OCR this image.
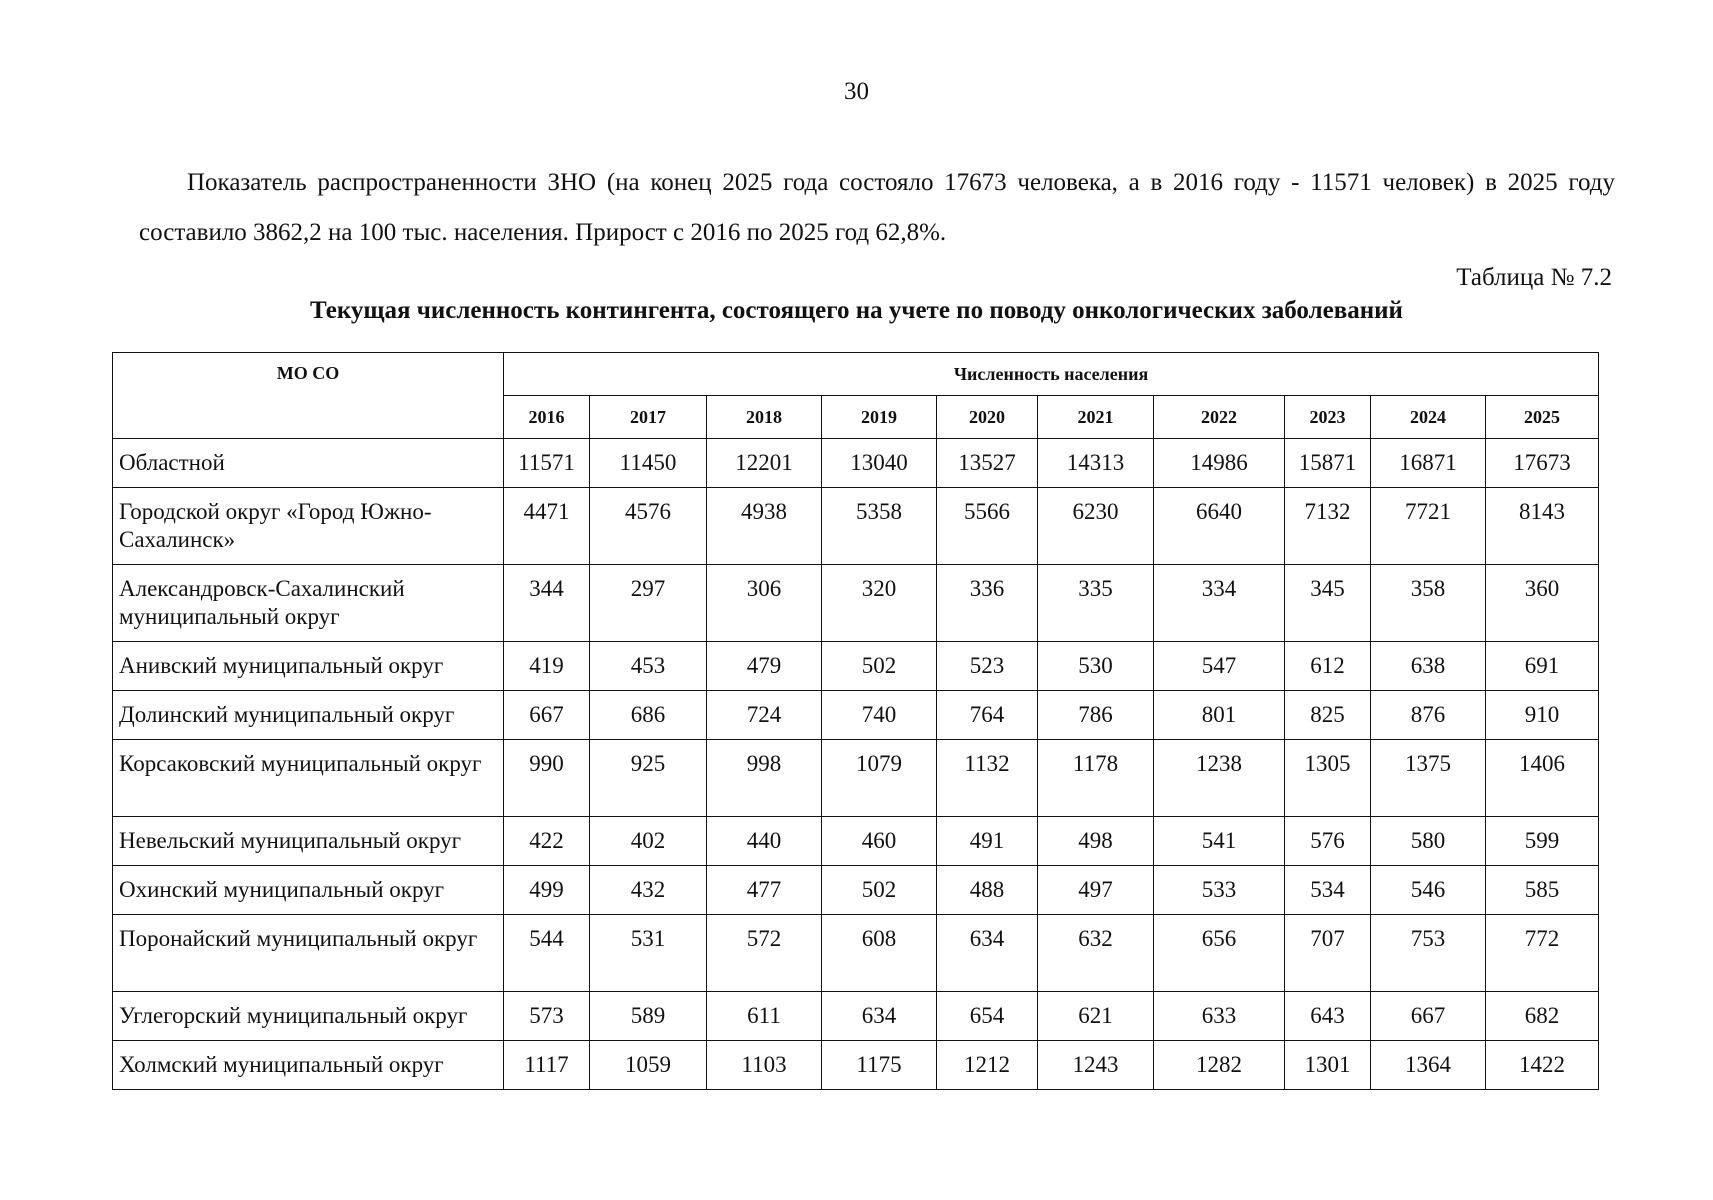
30

Показатель распространенности ЗНО (на конец 2025 года состояло 17673 человека, а в 2016 году - 11571 человек) в 2025 году составило 3862,2 на 100 тыс. населения. Прирост с 2016 по 2025 год 62,8%.

Таблица № 7.2
Текущая численность контингента, состоящего на учете по поводу онкологических заболеваний
МО СО	Численность населения									
	2016	2017	2018	2019	2020	2021	2022	2023	2024	2025
Областной	11571	11450	12201	13040	13527	14313	14986	15871	16871	17673
Городской округ «Город Южно-Сахалинск»	4471	4576	4938	5358	5566	6230	6640	7132	7721	8143
Александровск-Сахалинский муниципальный округ	344	297	306	320	336	335	334	345	358	360
Анивский муниципальный округ	419	453	479	502	523	530	547	612	638	691
Долинский муниципальный округ	667	686	724	740	764	786	801	825	876	910
Корсаковский муниципальный округ	990	925	998	1079	1132	1178	1238	1305	1375	1406
Невельский муниципальный округ	422	402	440	460	491	498	541	576	580	599
Охинский муниципальный округ	499	432	477	502	488	497	533	534	546	585
Поронайский муниципальный округ	544	531	572	608	634	632	656	707	753	772
Углегорский муниципальный округ	573	589	611	634	654	621	633	643	667	682
Холмский муниципальный округ	1117	1059	1103	1175	1212	1243	1282	1301	1364	1422
